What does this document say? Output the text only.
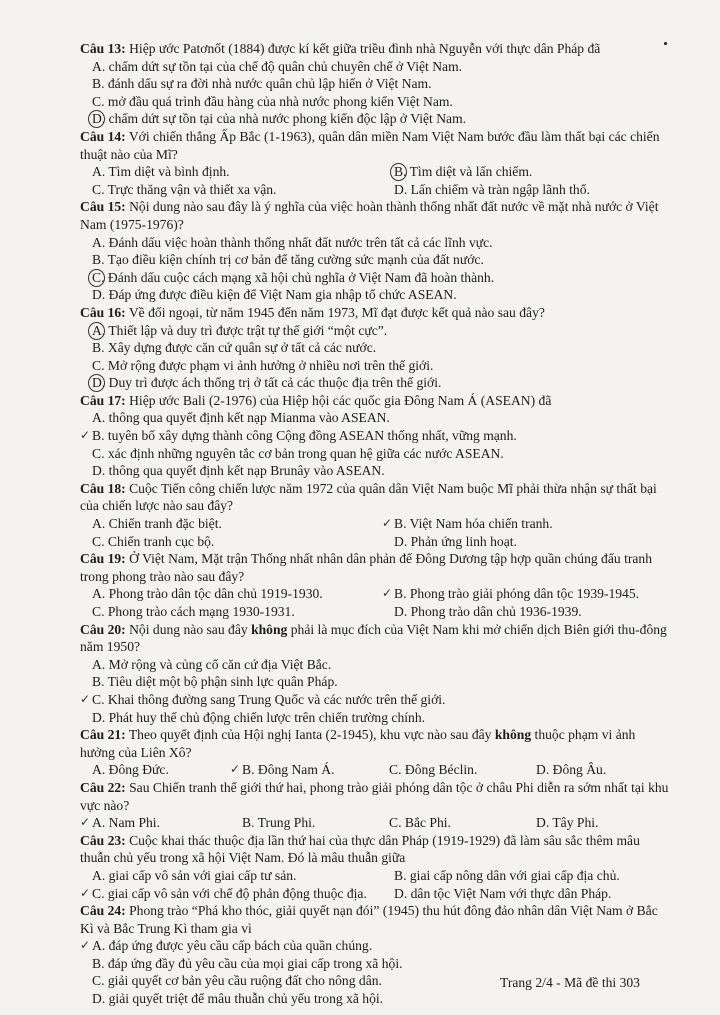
Câu 13: Hiệp ước Patơnốt (1884) được kí kết giữa triều đình nhà Nguyễn với thực dân Pháp đã
A. chấm dứt sự tồn tại của chế độ quân chủ chuyên chế ở Việt Nam.
B. đánh dấu sự ra đời nhà nước quân chủ lập hiến ở Việt Nam.
C. mở đầu quá trình đầu hàng của nhà nước phong kiến Việt Nam.
D. chấm dứt sự tồn tại của nhà nước phong kiến độc lập ở Việt Nam.
Câu 14: Với chiến thắng Ấp Bắc (1-1963), quân dân miền Nam Việt Nam bước đầu làm thất bại các chiến thuật nào của Mĩ?
A. Tìm diệt và bình định.	B. Tìm diệt và lấn chiếm.
C. Trực thăng vận và thiết xa vận.	D. Lấn chiếm và tràn ngập lãnh thổ.
Câu 15: Nội dung nào sau đây là ý nghĩa của việc hoàn thành thống nhất đất nước về mặt nhà nước ở Việt Nam (1975-1976)?
A. Đánh dấu việc hoàn thành thống nhất đất nước trên tất cả các lĩnh vực.
B. Tạo điều kiện chính trị cơ bản để tăng cường sức mạnh của đất nước.
C. Đánh dấu cuộc cách mạng xã hội chủ nghĩa ở Việt Nam đã hoàn thành.
D. Đáp ứng được điều kiện để Việt Nam gia nhập tổ chức ASEAN.
Câu 16: Về đối ngoại, từ năm 1945 đến năm 1973, Mĩ đạt được kết quả nào sau đây?
A. Thiết lập và duy trì được trật tự thế giới “một cực”.
B. Xây dựng được căn cứ quân sự ở tất cả các nước.
C. Mở rộng được phạm vi ảnh hưởng ở nhiều nơi trên thế giới.
D. Duy trì được ách thống trị ở tất cả các thuộc địa trên thế giới.
Câu 17: Hiệp ước Bali (2-1976) của Hiệp hội các quốc gia Đông Nam Á (ASEAN) đã
A. thông qua quyết định kết nạp Mianma vào ASEAN.
✓ B. tuyên bố xây dựng thành công Cộng đồng ASEAN thống nhất, vững mạnh.
C. xác định những nguyên tắc cơ bản trong quan hệ giữa các nước ASEAN.
D. thông qua quyết định kết nạp Brunây vào ASEAN.
Câu 18: Cuộc Tiến công chiến lược năm 1972 của quân dân Việt Nam buộc Mĩ phải thừa nhận sự thất bại của chiến lược nào sau đây?
A. Chiến tranh đặc biệt.	✓ B. Việt Nam hóa chiến tranh.
C. Chiến tranh cục bộ.	D. Phản ứng linh hoạt.
Câu 19: Ở Việt Nam, Mặt trận Thống nhất nhân dân phản đế Đông Dương tập hợp quần chúng đấu tranh trong phong trào nào sau đây?
A. Phong trào dân tộc dân chủ 1919-1930.	✓ B. Phong trào giải phóng dân tộc 1939-1945.
C. Phong trào cách mạng 1930-1931.	D. Phong trào dân chủ 1936-1939.
Câu 20: Nội dung nào sau đây không phải là mục đích của Việt Nam khi mở chiến dịch Biên giới thu-đông năm 1950?
A. Mở rộng và củng cố căn cứ địa Việt Bắc.
B. Tiêu diệt một bộ phận sinh lực quân Pháp.
✓ C. Khai thông đường sang Trung Quốc và các nước trên thế giới.
D. Phát huy thế chủ động chiến lược trên chiến trường chính.
Câu 21: Theo quyết định của Hội nghị Ianta (2-1945), khu vực nào sau đây không thuộc phạm vi ảnh hưởng của Liên Xô?
A. Đông Đức.	✓ B. Đông Nam Á.	C. Đông Béclin.	D. Đông Âu.
Câu 22: Sau Chiến tranh thế giới thứ hai, phong trào giải phóng dân tộc ở châu Phi diễn ra sớm nhất tại khu vực nào?
✓ A. Nam Phi.	B. Trung Phi.	C. Bắc Phi.	D. Tây Phi.
Câu 23: Cuộc khai thác thuộc địa lần thứ hai của thực dân Pháp (1919-1929) đã làm sâu sắc thêm mâu thuẫn chủ yếu trong xã hội Việt Nam. Đó là mâu thuẫn giữa
A. giai cấp vô sản với giai cấp tư sản.	B. giai cấp nông dân với giai cấp địa chủ.
✓ C. giai cấp vô sản với chế độ phản động thuộc địa.	D. dân tộc Việt Nam với thực dân Pháp.
Câu 24: Phong trào “Phá kho thóc, giải quyết nạn đói” (1945) thu hút đông đảo nhân dân Việt Nam ở Bắc Kì và Bắc Trung Kì tham gia vì
✓ A. đáp ứng được yêu cầu cấp bách của quần chúng.
B. đáp ứng đầy đủ yêu cầu của mọi giai cấp trong xã hội.
C. giải quyết cơ bản yêu cầu ruộng đất cho nông dân.
D. giải quyết triệt để mâu thuẫn chủ yếu trong xã hội.
Trang 2/4 - Mã đề thi 303
